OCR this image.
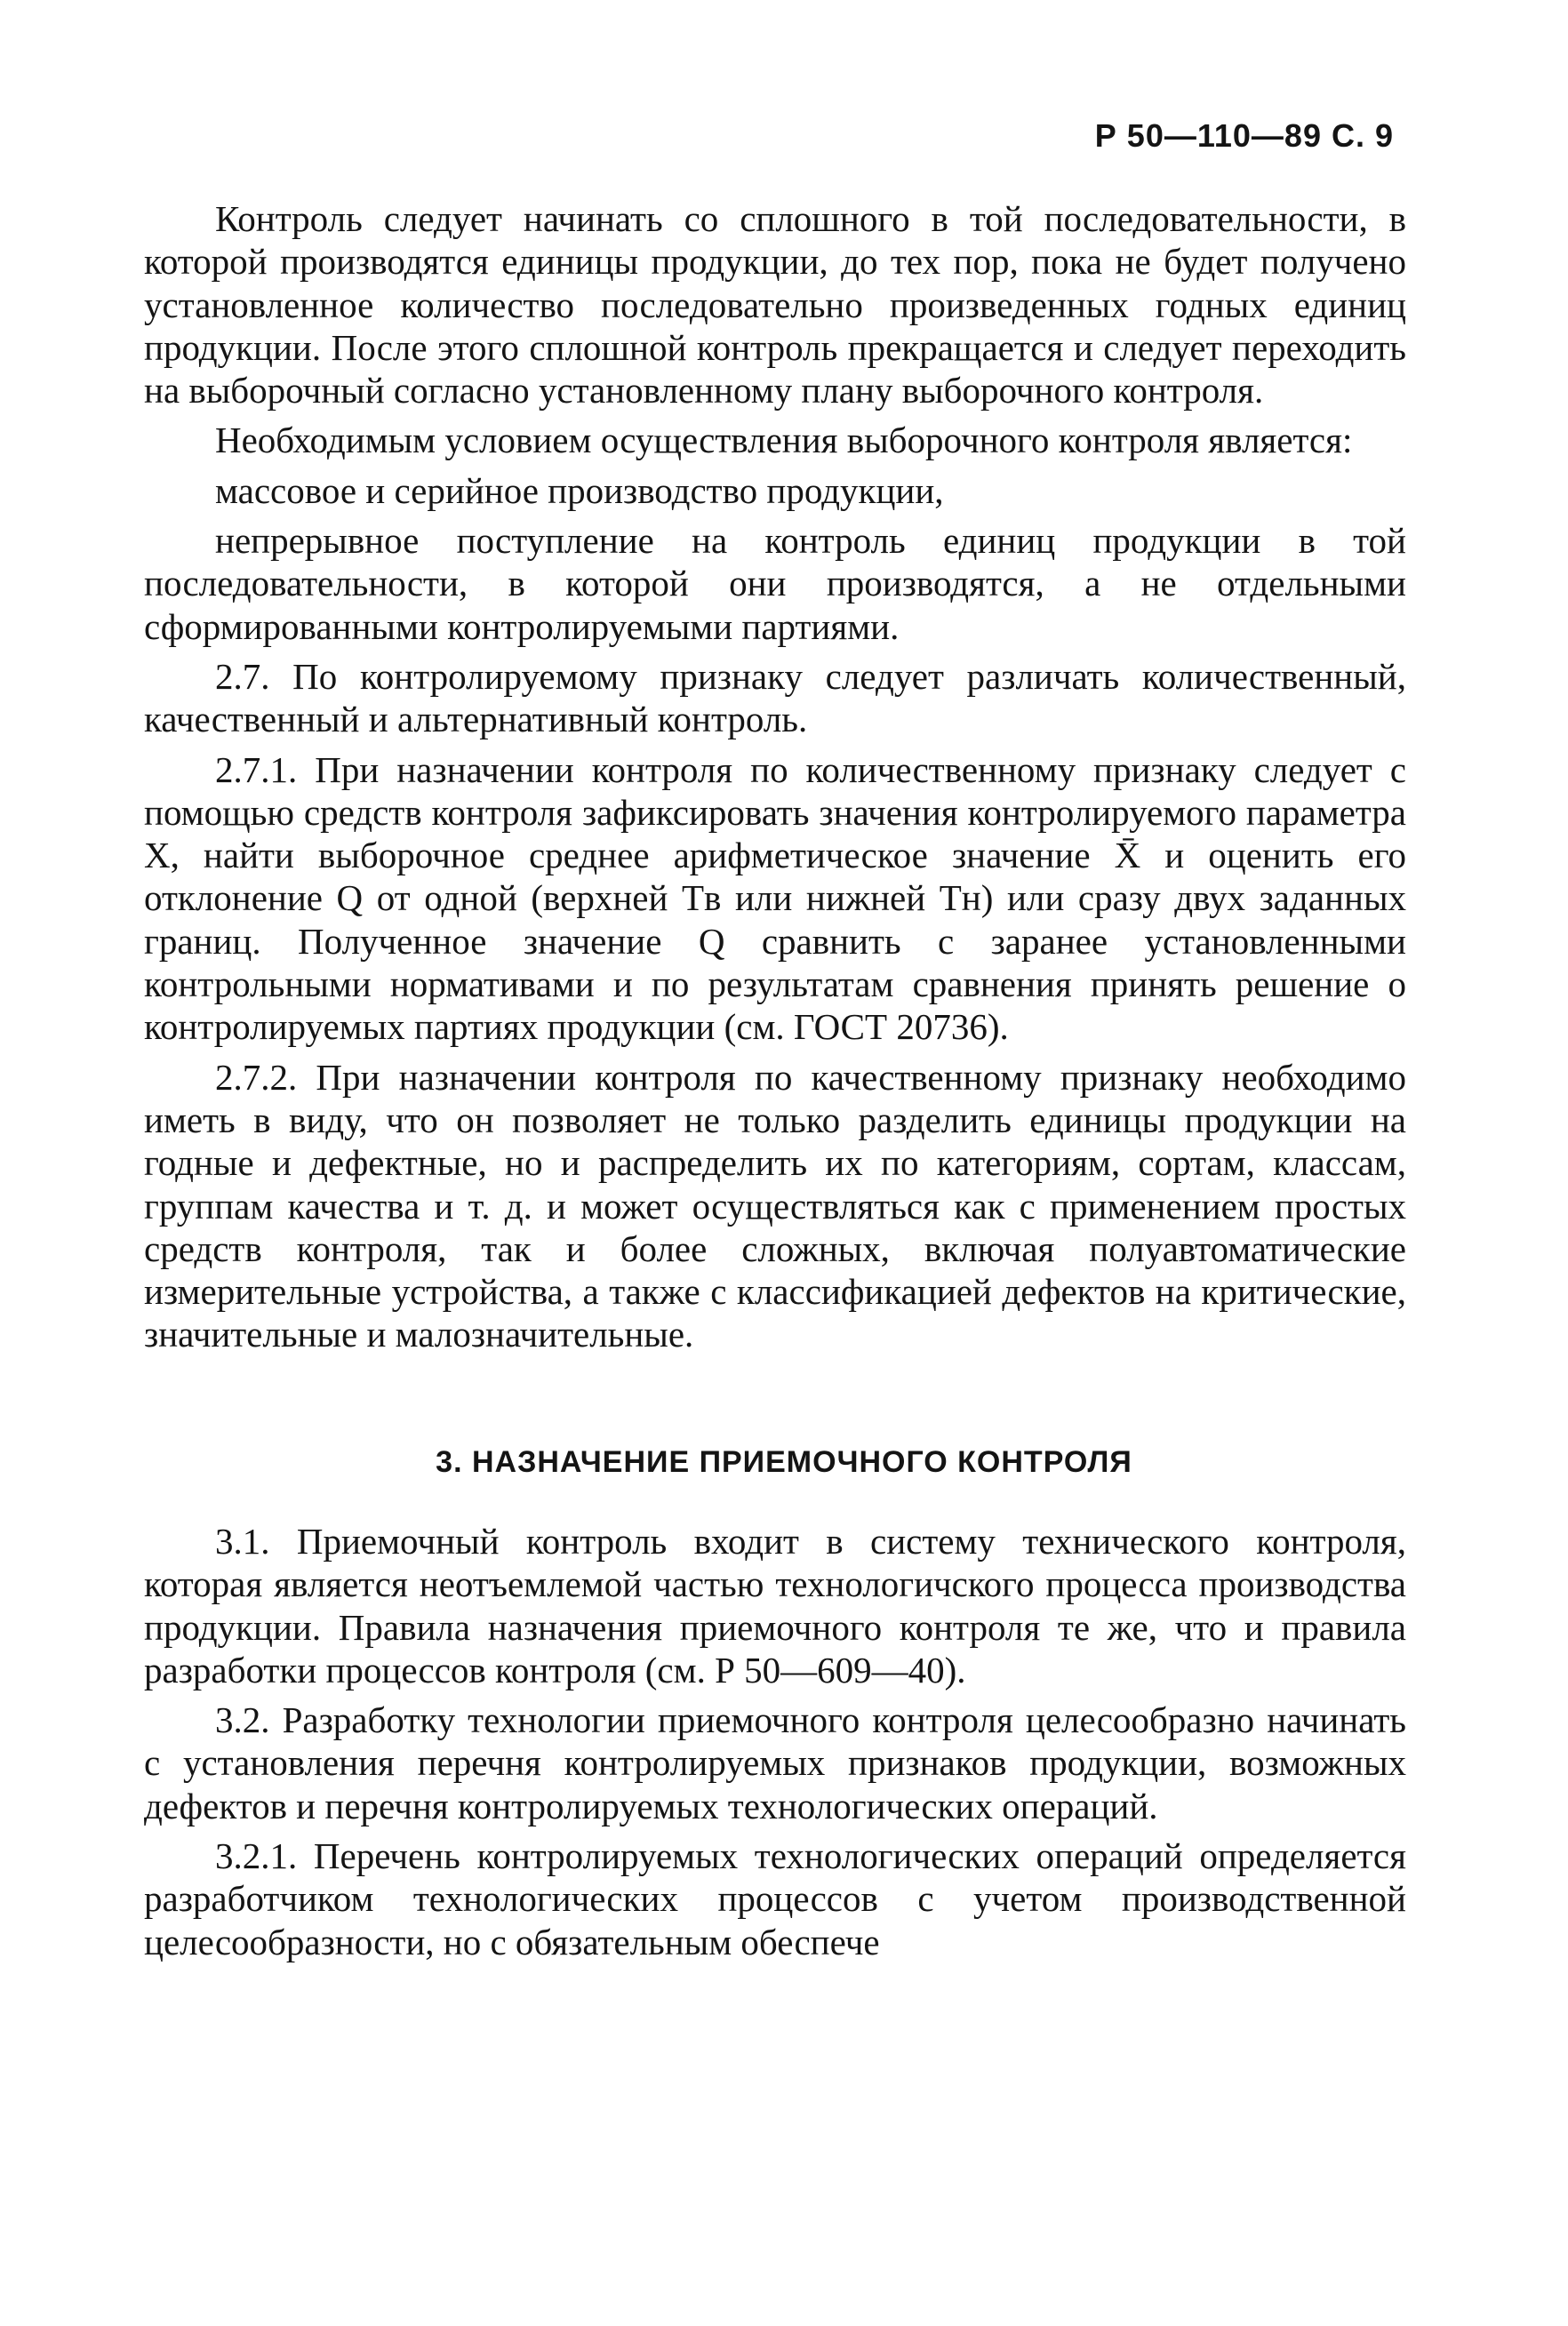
Р 50—110—89 С. 9

Контроль следует начинать со сплошного в той последовательности, в которой производятся единицы продукции, до тех пор, пока не будет получено установленное количество последовательно произведенных годных единиц продукции. После этого сплошной контроль прекращается и следует переходить на выборочный согласно установленному плану выборочного контроля.

Необходимым условием осуществления выборочного контроля является:

массовое и серийное производство продукции,

непрерывное поступление на контроль единиц продукции в той последовательности, в которой они производятся, а не отдельными сформированными контролируемыми партиями.

2.7. По контролируемому признаку следует различать количественный, качественный и альтернативный контроль.

2.7.1. При назначении контроля по количественному признаку следует с помощью средств контроля зафиксировать значения контролируемого параметра X, найти выборочное среднее арифметическое значение X̄ и оценить его отклонение Q от одной (верхней Tв или нижней Tн) или сразу двух заданных границ. Полученное значение Q сравнить с заранее установленными контрольными нормативами и по результатам сравнения принять решение о контролируемых партиях продукции (см. ГОСТ 20736).

2.7.2. При назначении контроля по качественному признаку необходимо иметь в виду, что он позволяет не только разделить единицы продукции на годные и дефектные, но и распределить их по категориям, сортам, классам, группам качества и т. д. и может осуществляться как с применением простых средств контроля, так и более сложных, включая полуавтоматические измерительные устройства, а также с классификацией дефектов на критические, значительные и малозначительные.

3. НАЗНАЧЕНИЕ ПРИЕМОЧНОГО КОНТРОЛЯ

3.1. Приемочный контроль входит в систему технического контроля, которая является неотъемлемой частью технологичского процесса производства продукции. Правила назначения приемочного контроля те же, что и правила разработки процессов контроля (см. Р 50—609—40).

3.2. Разработку технологии приемочного контроля целесообразно начинать с установления перечня контролируемых признаков продукции, возможных дефектов и перечня контролируемых технологических операций.

3.2.1. Перечень контролируемых технологических операций определяется разработчиком технологических процессов с учетом производственной целесообразности, но с обязательным обеспече
